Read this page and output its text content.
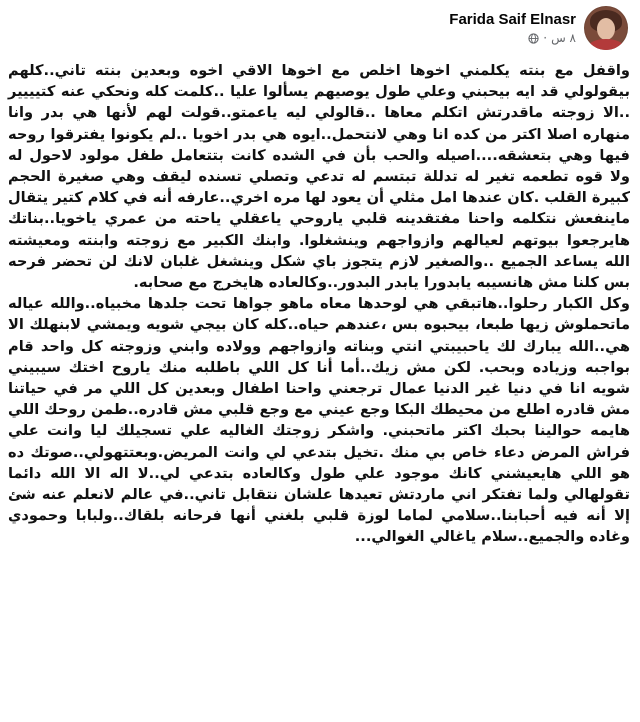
Farida Saif Elnasr
٨ س
·

واقفل مع بنته يكلمني اخوها اخلص مع اخوها الاقي اخوه وبعدين بنته تاني..كلهم بيقولولي قد ايه بيحبني وعلي طول يوصيهم يسألوا عليا ..كلمت كله ونحكي عنه كتيييير ..الا زوجته ماقدرتش اتكلم معاها ..قالولي ليه ياعمتو..قولت لهم لأنها هي بدر وانا منهاره اصلا اكتر من كده انا وهي لانتحمل..ايوه هي بدر اخويا ..لم يكونوا يفترقوا روحه فيها وهي بتعشقه....اصيله والحب بأن في الشده كانت بتتعامل طفل مولود لاحول له ولا قوه تطعمه تغير له تدللة تبتسم له تدعي وتصلي تسنده ليقف وهي صغيرة الحجم كبيرة القلب .كان عندها امل مثلي أن يعود لها مره اخري..عارفه أنه في كلام كتير يتقال ماينفعش نتكلمه واحنا مفتقدينه قلبي ياروحي ياعقلي ياحته من عمري ياخويا..بناتك هايرجعوا بيوتهم لعيالهم وازواجهم وينشغلوا. وابنك الكبير مع زوجته وابنته ومعيشته الله يساعد الجميع ..والصغير لازم يتجوز باي شكل وينشغل غلبان لانك لن تحضر فرحه بس كلنا مش هانسيبه يابدورا يابدر البدور..وكالعاده هايخرج مع صحابه.
وكل الكبار رحلوا..هاتبقي هي لوحدها معاه ماهو جواها تحت جلدها مخبياه..والله عياله ماتحملوش زيها طبعا، بيحبوه بس ،عندهم حياه..كله كان بيجي شويه ويمشي لابنهلك الا هي..الله يبارك لك ياحبيبتي انتي وبناته وازواجهم وولاده وابني وزوجته كل واحد قام بواجبه وزياده وبحب. لكن مش زيك..أما أنا كل اللي باطلبه منك ياروح اختك سيبيني شويه انا في دنيا غير الدنيا عمال ترجعني واحنا اطفال وبعدين كل اللي مر في حياتنا مش قادره اطلع من محيطك البكا وجع عيني مع وجع قلبي مش قادره..طمن روحك اللي هايمه حوالينا بحبك اكتر ماتحبني. واشكر زوجتك الغاليه علي تسجيلك ليا وانت علي فراش المرض دعاء خاص بي منك .تخيل بتدعي لي وانت المريض.وبعتتهولي..صوتك ده هو اللي هايعيشني كانك موجود علي طول وكالعاده بتدعي لي..لا اله الا الله دائما تقولهالي ولما تفتكر اني ماردتش تعيدها علشان نتقابل تاني..في عالم لانعلم عنه شئ إلا أنه فيه أحبابنا..سلامي لماما لوزة قلبي بلغني أنها فرحانه بلقاك..ولبابا وحمودي وغاده والجميع..سلام ياغالي الغوالي...
